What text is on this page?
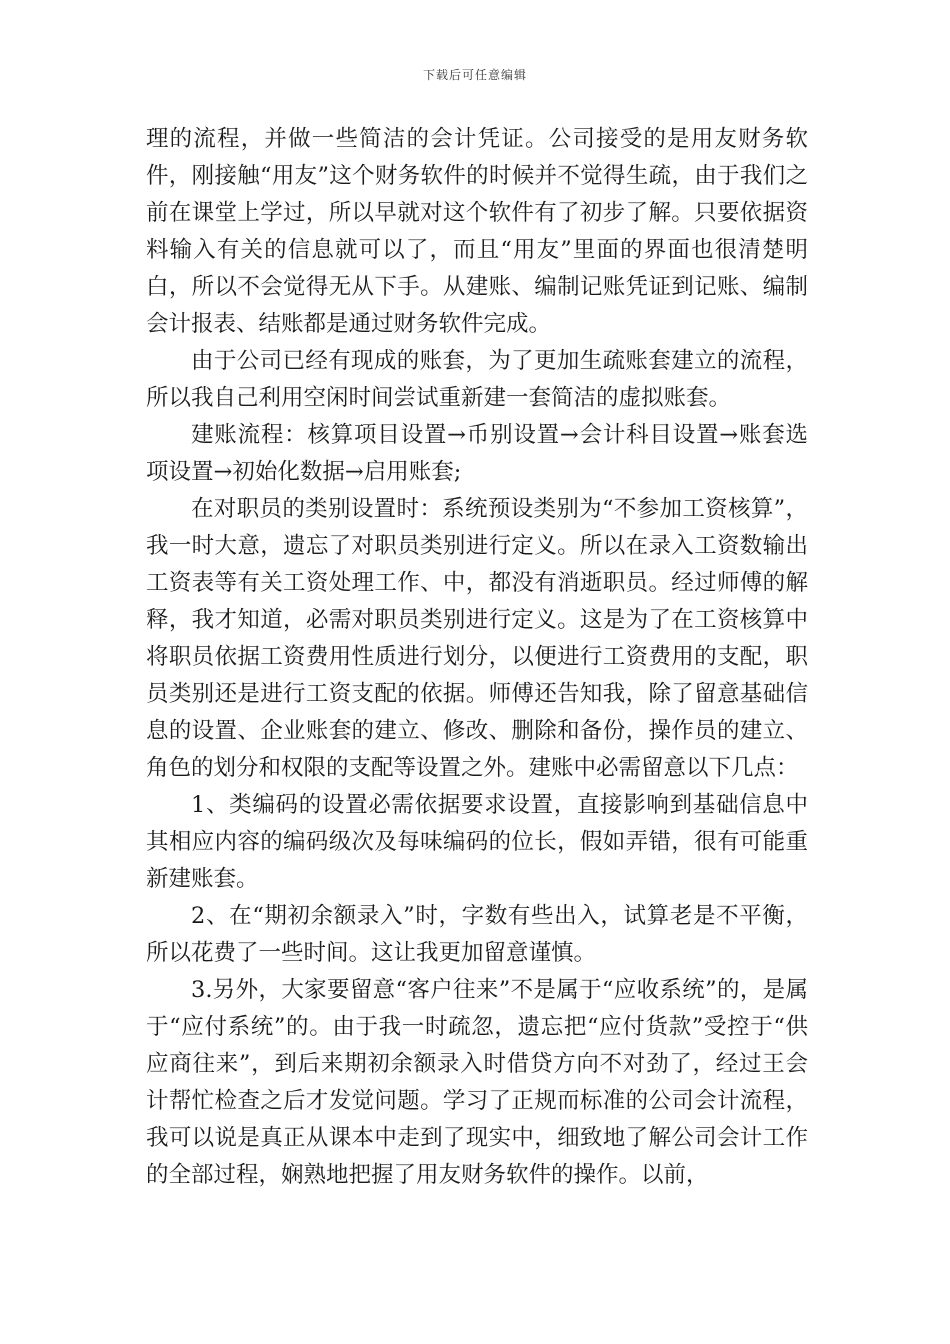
下载后可任意编辑

理的流程，并做一些简洁的会计凭证。公司接受的是用友财务软件，刚接触“用友”这个财务软件的时候并不觉得生疏，由于我们之前在课堂上学过，所以早就对这个软件有了初步了解。只要依据资料输入有关的信息就可以了，而且“用友”里面的界面也很清楚明白，所以不会觉得无从下手。从建账、编制记账凭证到记账、编制会计报表、结账都是通过财务软件完成。

由于公司已经有现成的账套，为了更加生疏账套建立的流程，所以我自己利用空闲时间尝试重新建一套简洁的虚拟账套。

建账流程：核算项目设置→币别设置→会计科目设置→账套选项设置→初始化数据→启用账套;

在对职员的类别设置时：系统预设类别为“不参加工资核算”，我一时大意，遗忘了对职员类别进行定义。所以在录入工资数输出工资表等有关工资处理工作、中，都没有消逝职员。经过师傅的解释，我才知道，必需对职员类别进行定义。这是为了在工资核算中将职员依据工资费用性质进行划分，以便进行工资费用的支配，职员类别还是进行工资支配的依据。师傅还告知我，除了留意基础信息的设置、企业账套的建立、修改、删除和备份，操作员的建立、角色的划分和权限的支配等设置之外。建账中必需留意以下几点：

1、类编码的设置必需依据要求设置，直接影响到基础信息中其相应内容的编码级次及每味编码的位长，假如弄错，很有可能重新建账套。

2、在“期初余额录入”时，字数有些出入，试算老是不平衡，所以花费了一些时间。这让我更加留意谨慎。

3.另外，大家要留意“客户往来”不是属于“应收系统”的，是属于“应付系统”的。由于我一时疏忽，遗忘把“应付货款”受控于“供应商往来”，到后来期初余额录入时借贷方向不对劲了，经过王会计帮忙检查之后才发觉问题。学习了正规而标准的公司会计流程，我可以说是真正从课本中走到了现实中，细致地了解公司会计工作的全部过程，娴熟地把握了用友财务软件的操作。以前，
